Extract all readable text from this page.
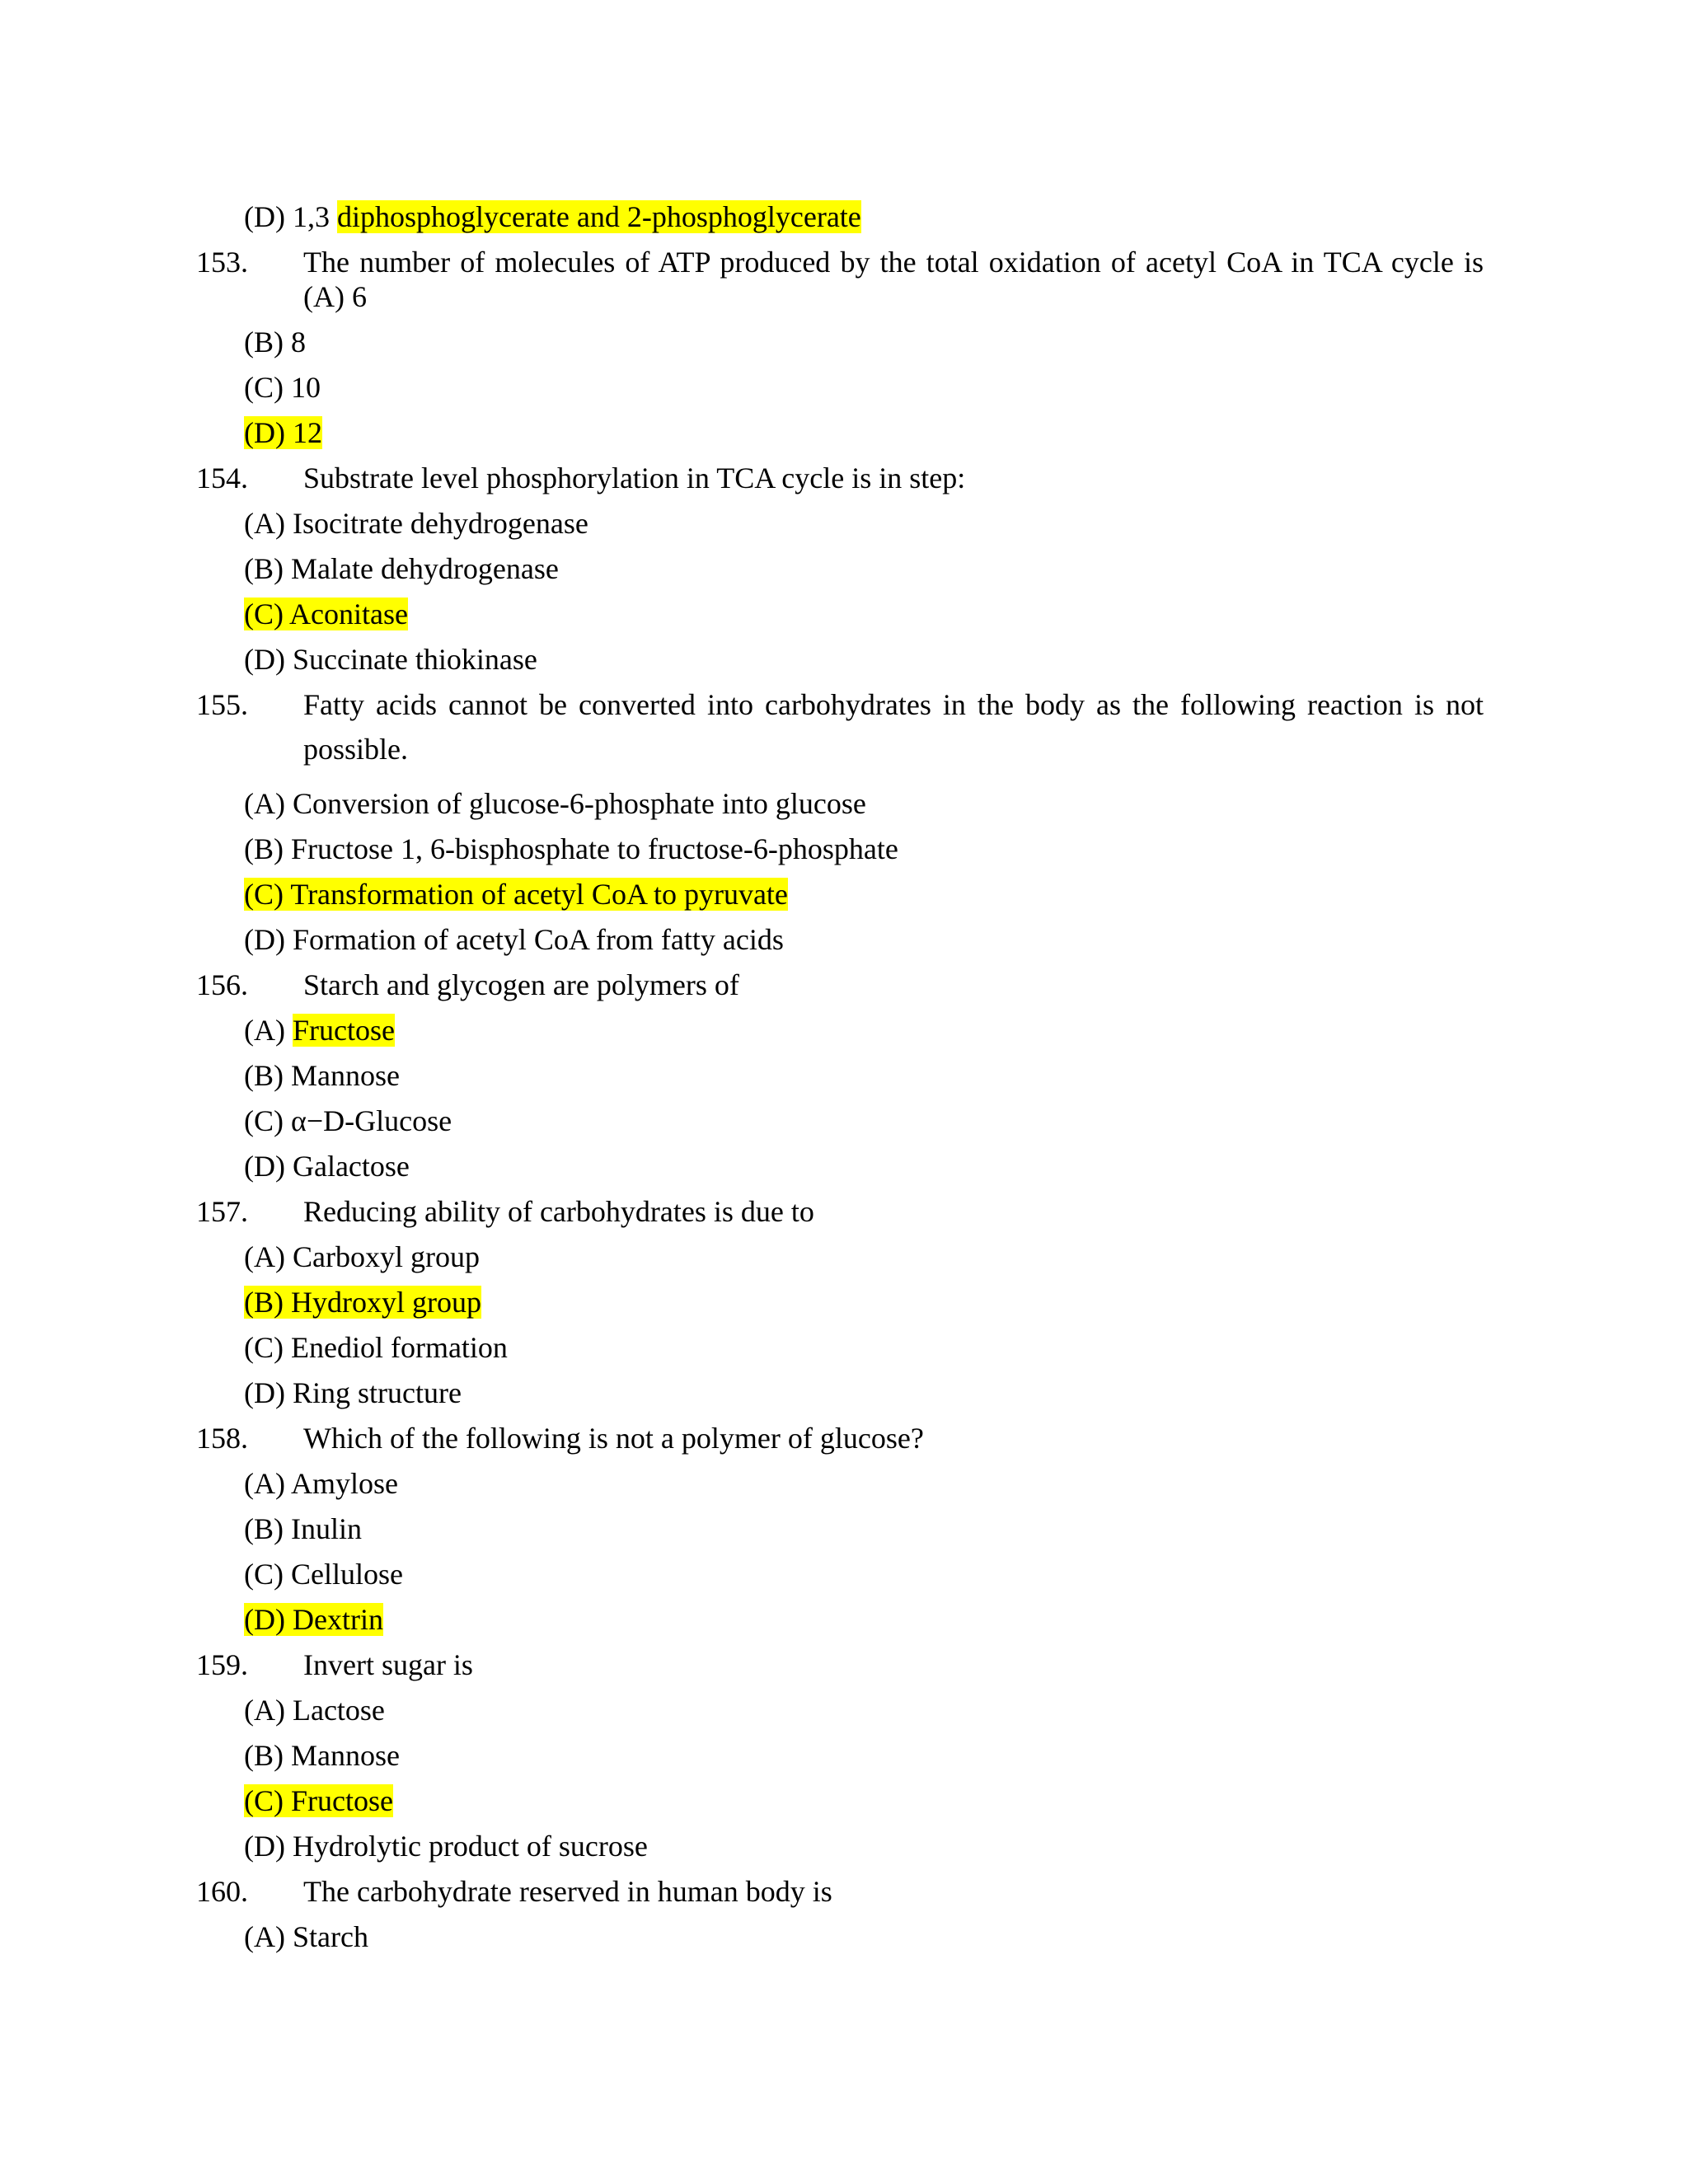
(D) 1,3 diphosphoglycerate and 2-phosphoglycerate
153. The number of molecules of ATP produced by the total oxidation of acetyl CoA in TCA cycle is
(A) 6
(B) 8
(C) 10
(D) 12
154. Substrate level phosphorylation in TCA cycle is in step:
(A) Isocitrate dehydrogenase
(B) Malate dehydrogenase
(C) Aconitase
(D) Succinate thiokinase
155. Fatty acids cannot be converted into carbohydrates in the body as the following reaction is not
possible.
(A) Conversion of glucose-6-phosphate into glucose
(B) Fructose 1, 6-bisphosphate to fructose-6-phosphate
(C) Transformation of acetyl CoA to pyruvate
(D) Formation of acetyl CoA from fatty acids
156. Starch and glycogen are polymers of
(A) Fructose
(B) Mannose
(C) α−D-Glucose
(D) Galactose
157. Reducing ability of carbohydrates is due to
(A) Carboxyl group
(B) Hydroxyl group
(C) Enediol formation
(D) Ring structure
158. Which of the following is not a polymer of glucose?
(A) Amylose
(B) Inulin
(C) Cellulose
(D) Dextrin
159. Invert sugar is
(A) Lactose
(B) Mannose
(C) Fructose
(D) Hydrolytic product of sucrose
160. The carbohydrate reserved in human body is
(A) Starch
